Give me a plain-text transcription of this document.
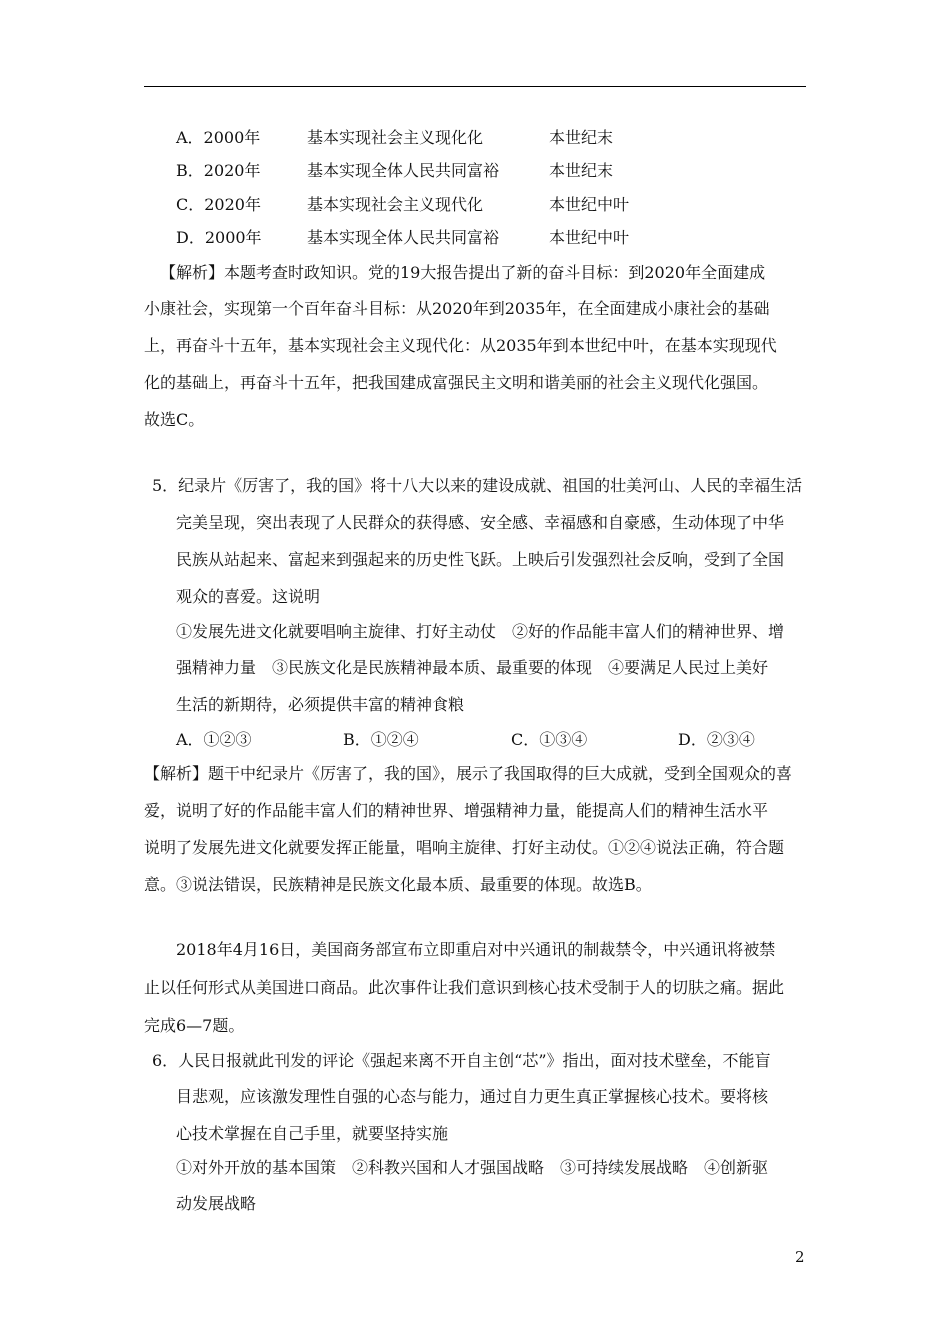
A．2000年	基本实现社会主义现化化	本世纪末
B．2020年	基本实现全体人民共同富裕	本世纪末
C．2020年	基本实现社会主义现代化	本世纪中叶
D．2000年	基本实现全体人民共同富裕	本世纪中叶
【解析】本题考查时政知识。党的19大报告提出了新的奋斗目标：到2020年全面建成
小康社会，实现第一个百年奋斗目标：从2020年到2035年，在全面建成小康社会的基础
上，再奋斗十五年，基本实现社会主义现代化：从2035年到本世纪中叶，在基本实现现代
化的基础上，再奋斗十五年，把我国建成富强民主文明和谐美丽的社会主义现代化强国。
故选C。
5．纪录片《厉害了，我的国》将十八大以来的建设成就、祖国的壮美河山、人民的幸福生活
完美呈现，突出表现了人民群众的获得感、安全感、幸福感和自豪感，生动体现了中华
民族从站起来、富起来到强起来的历史性飞跃。上映后引发强烈社会反响，受到了全国
观众的喜爱。这说明
①发展先进文化就要唱响主旋律、打好主动仗　②好的作品能丰富人们的精神世界、增
强精神力量　③民族文化是民族精神最本质、最重要的体现　④要满足人民过上美好
生活的新期待，必须提供丰富的精神食粮
A．①②③	B．①②④	C．①③④	D．②③④
【解析】题干中纪录片《厉害了，我的国》，展示了我国取得的巨大成就，受到全国观众的喜
爱，说明了好的作品能丰富人们的精神世界、增强精神力量，能提高人们的精神生活水平
说明了发展先进文化就要发挥正能量，唱响主旋律、打好主动仗。①②④说法正确，符合题
意。③说法错误，民族精神是民族文化最本质、最重要的体现。故选B。
2018年4月16日，美国商务部宣布立即重启对中兴通讯的制裁禁令，中兴通讯将被禁
止以任何形式从美国进口商品。此次事件让我们意识到核心技术受制于人的切肤之痛。据此
完成6—7题。
6．人民日报就此刊发的评论《强起来离不开自主创“芯”》指出，面对技术壁垒，不能盲
目悲观，应该激发理性自强的心态与能力，通过自力更生真正掌握核心技术。要将核
心技术掌握在自己手里，就要坚持实施
①对外开放的基本国策　②科教兴国和人才强国战略　③可持续发展战略　④创新驱
动发展战略
2
